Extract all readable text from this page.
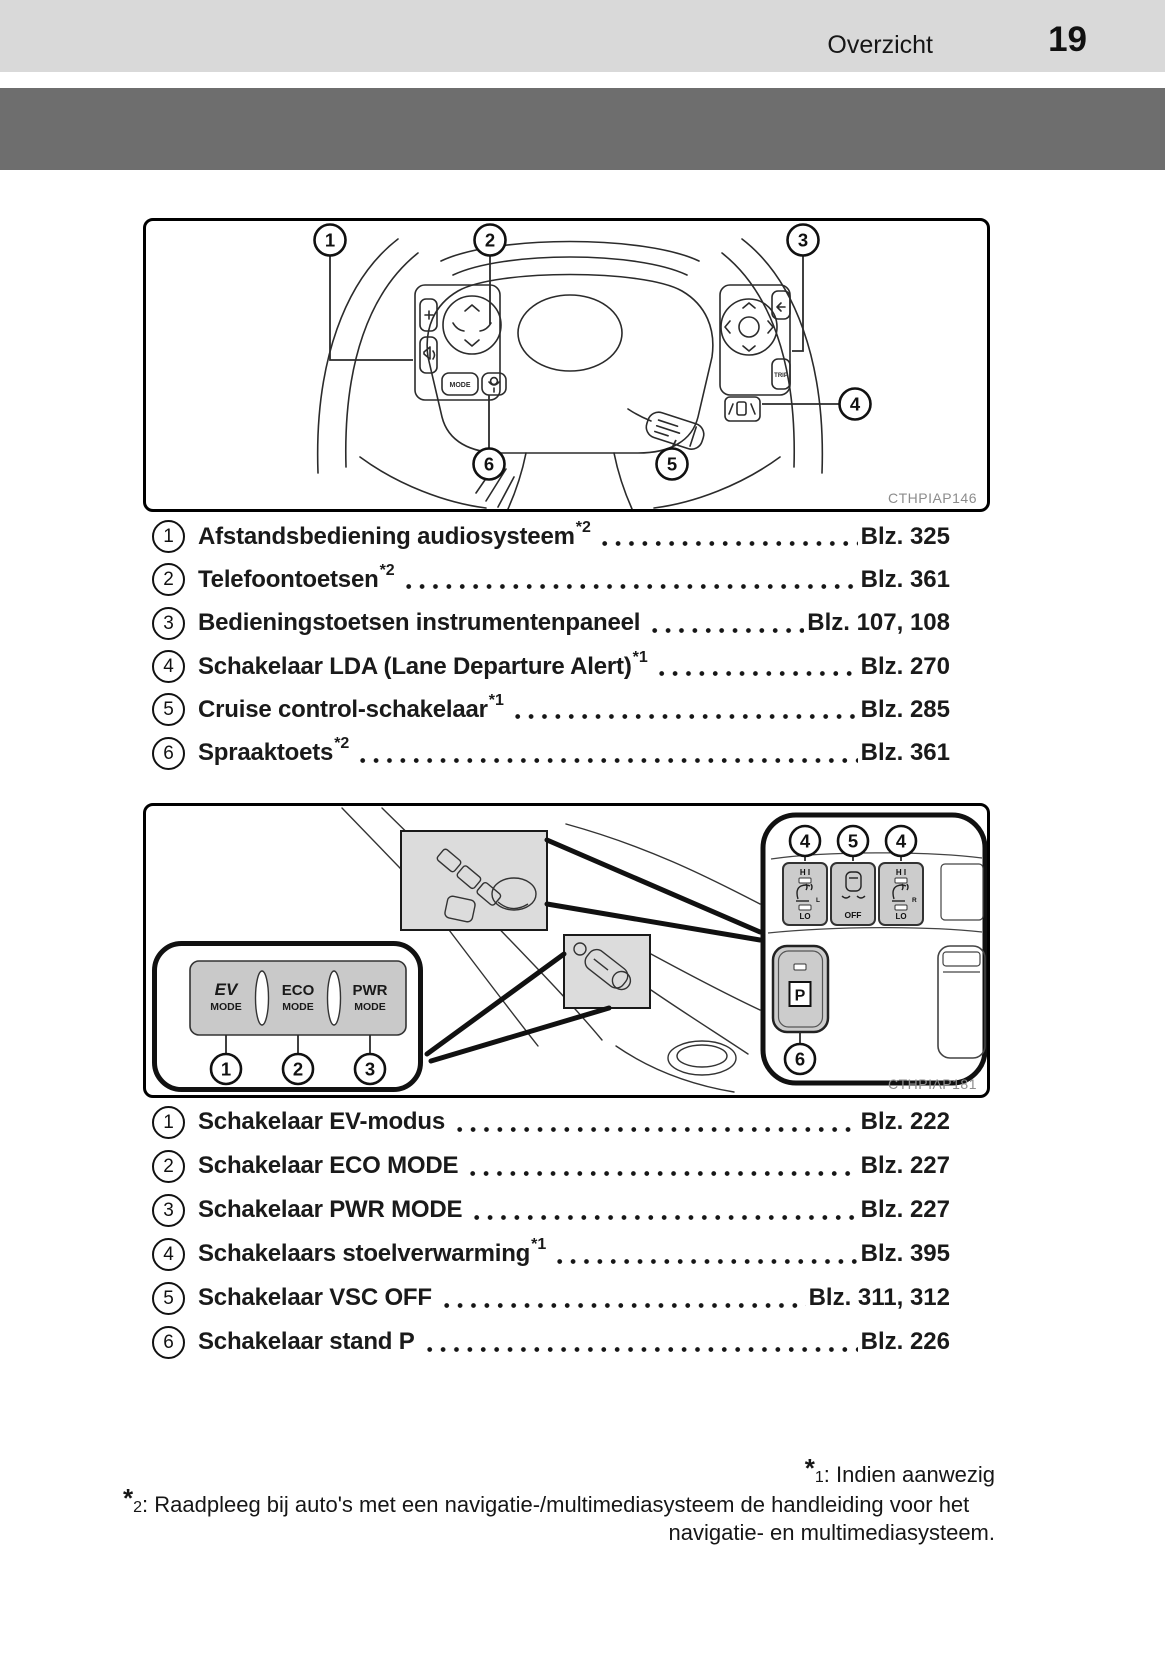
Overzicht	19
MODE
TRIP
1	2	3
4
5
6
CTHPIAP146
1	Afstandsbediening audiosysteem *2	Blz. 325
2	Telefoontoetsen *2	Blz. 361
3	Bedieningstoetsen instrumentenpaneel	Blz. 107, 108
4	Schakelaar LDA (Lane Departure Alert) *1	Blz. 270
5	Cruise control-schakelaar *1	Blz. 285
6	Spraaktoets *2	Blz. 361
EV
MODE
ECO
MODE
PWR
MODE
H I
L
LO	OFF
H I
R
LO
P
1	2	3
4 5 4
6
CTHPIAP181
1	Schakelaar EV-modus	Blz. 222
2	Schakelaar ECO MODE	Blz. 227
3	Schakelaar PWR MODE	Blz. 227
4	Schakelaars stoelverwarming *1	Blz. 395
5	Schakelaar VSC OFF	Blz. 311, 312
6	Schakelaar stand P	Blz. 226
*1: Indien aanwezig
*2: Raadpleeg bij auto's met een navigatie-/multimediasysteem de handleiding voor het
navigatie- en multimediasysteem.
